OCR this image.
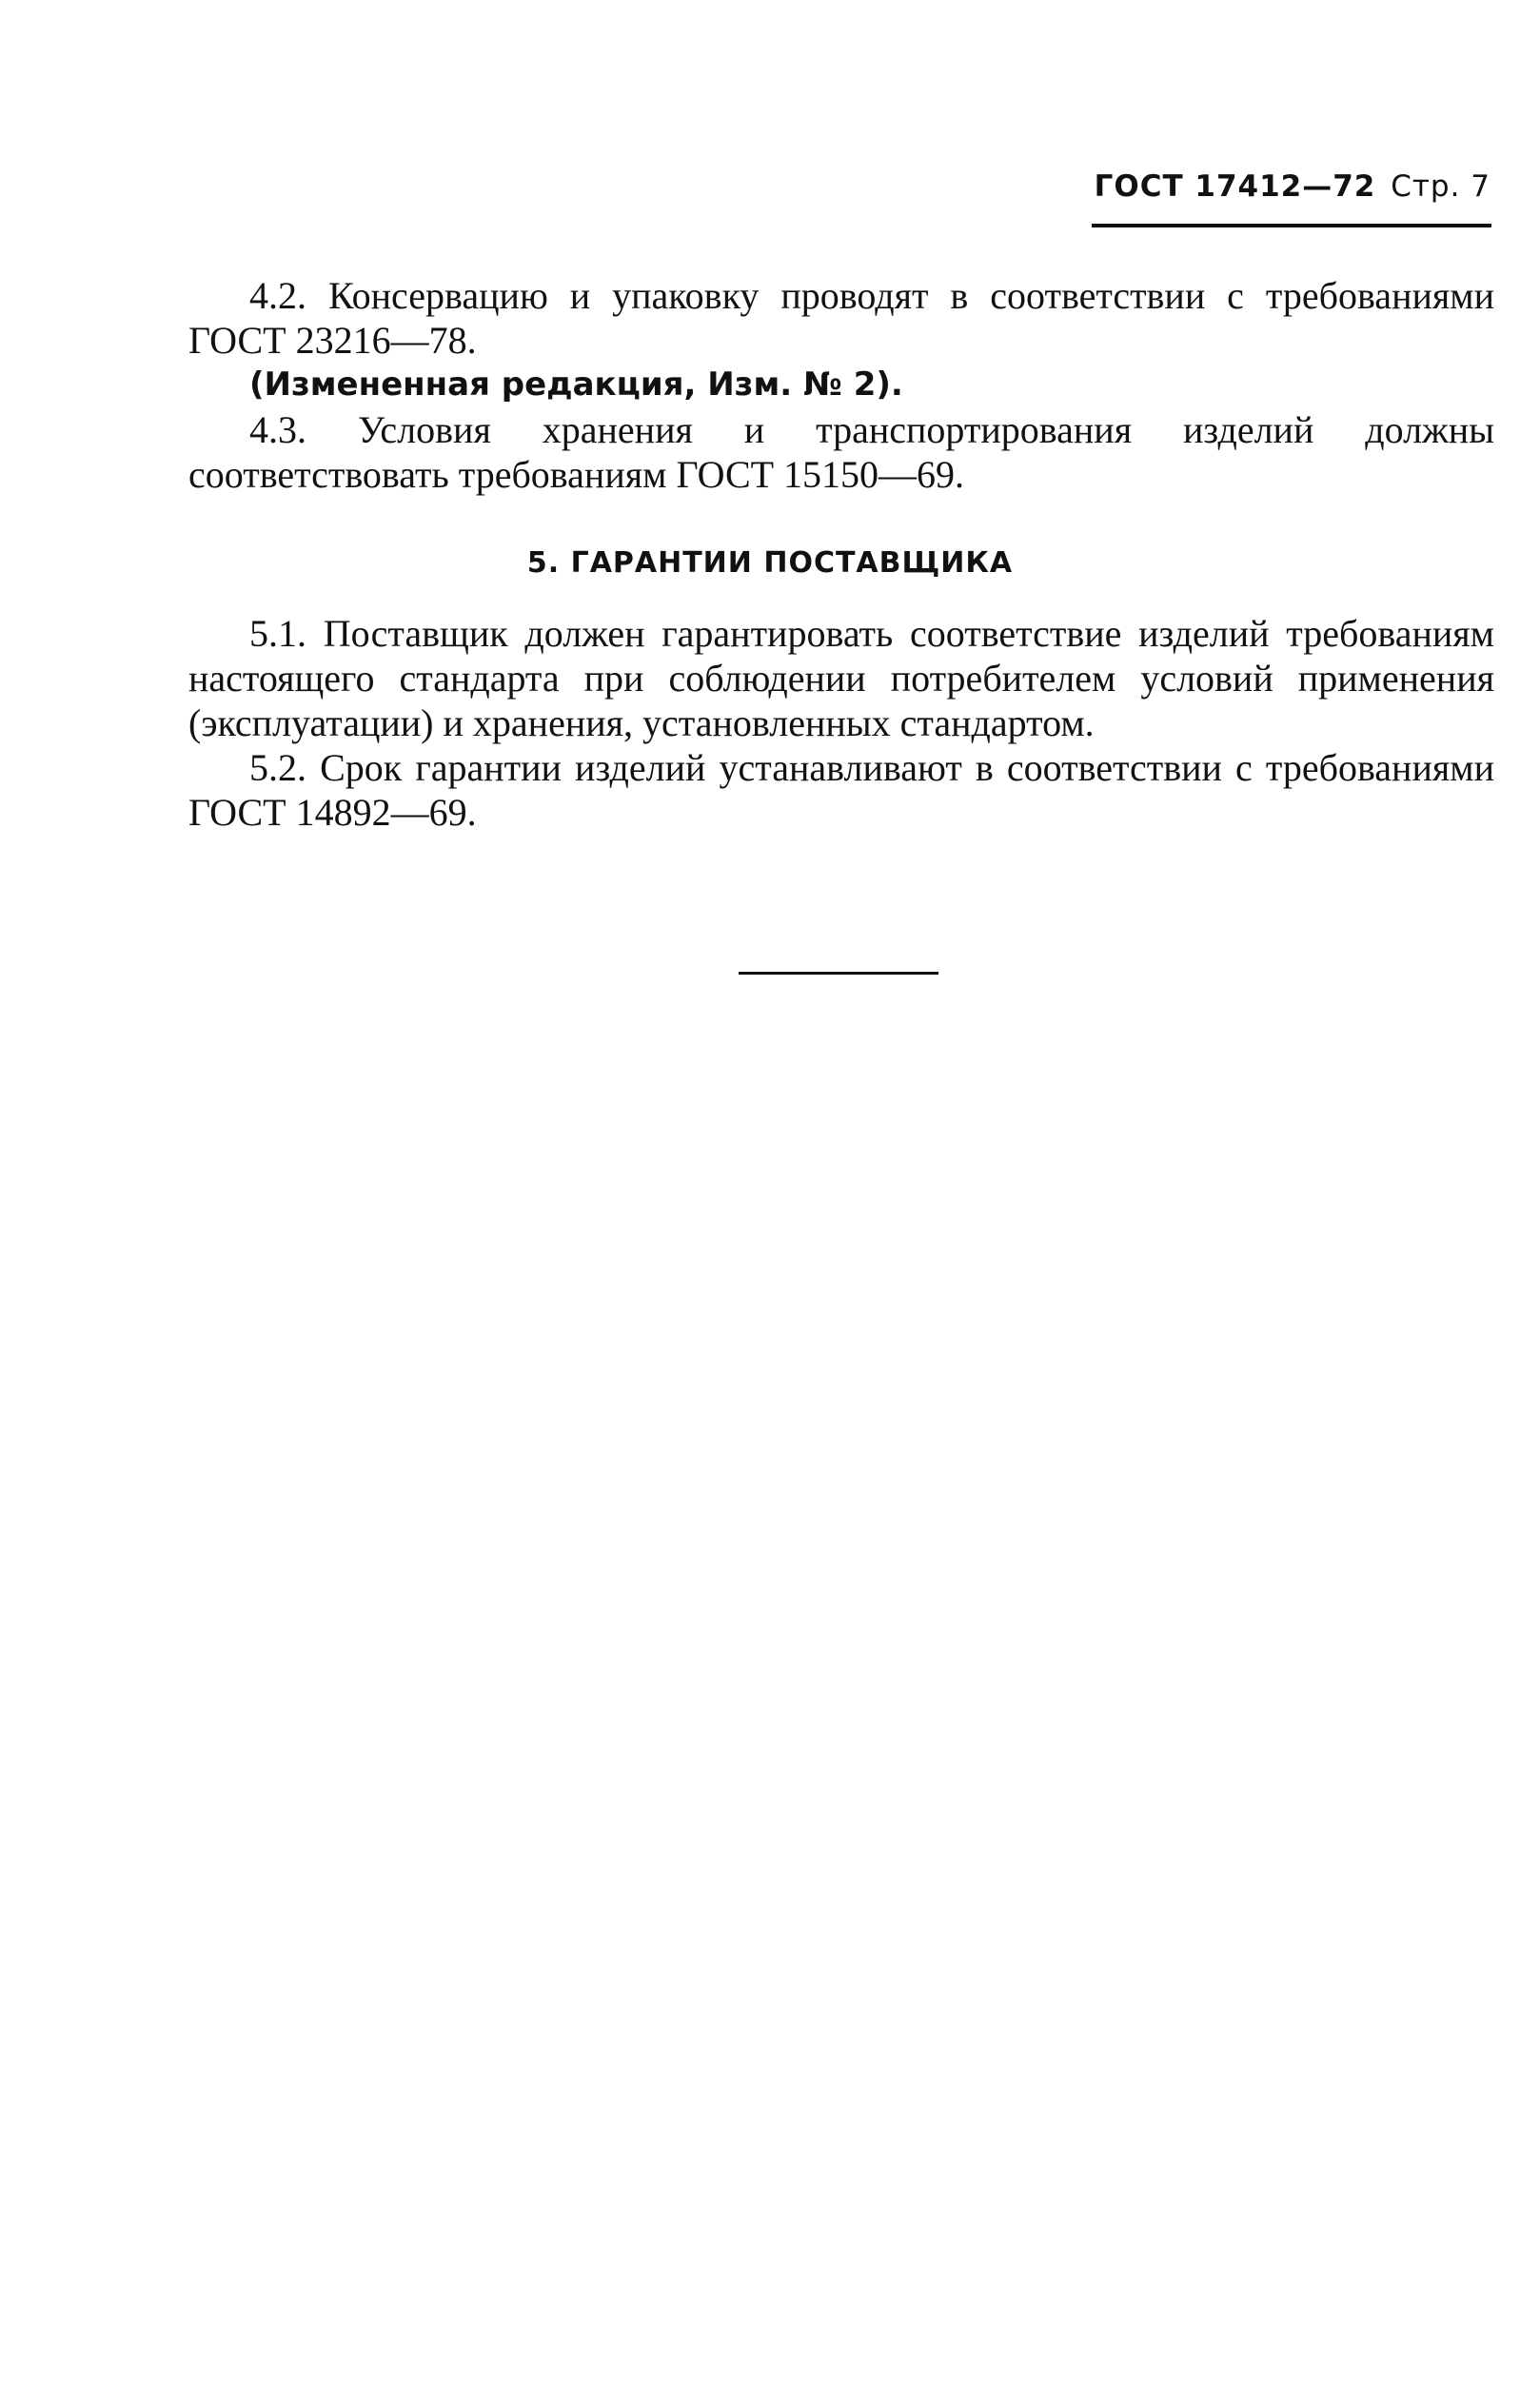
ГОСТ 17412—72 Стр. 7

4.2. Консервацию и упаковку проводят в соответствии с требованиями ГОСТ 23216—78.

(Измененная редакция, Изм. № 2).

4.3. Условия хранения и транспортирования изделий должны соответствовать требованиям ГОСТ 15150—69.

5. ГАРАНТИИ ПОСТАВЩИКА

5.1. Поставщик должен гарантировать соответствие изделий требованиям настоящего стандарта при соблюдении потребителем условий применения (эксплуатации) и хранения, установленных стандартом.

5.2. Срок гарантии изделий устанавливают в соответствии с требованиями ГОСТ 14892—69.
